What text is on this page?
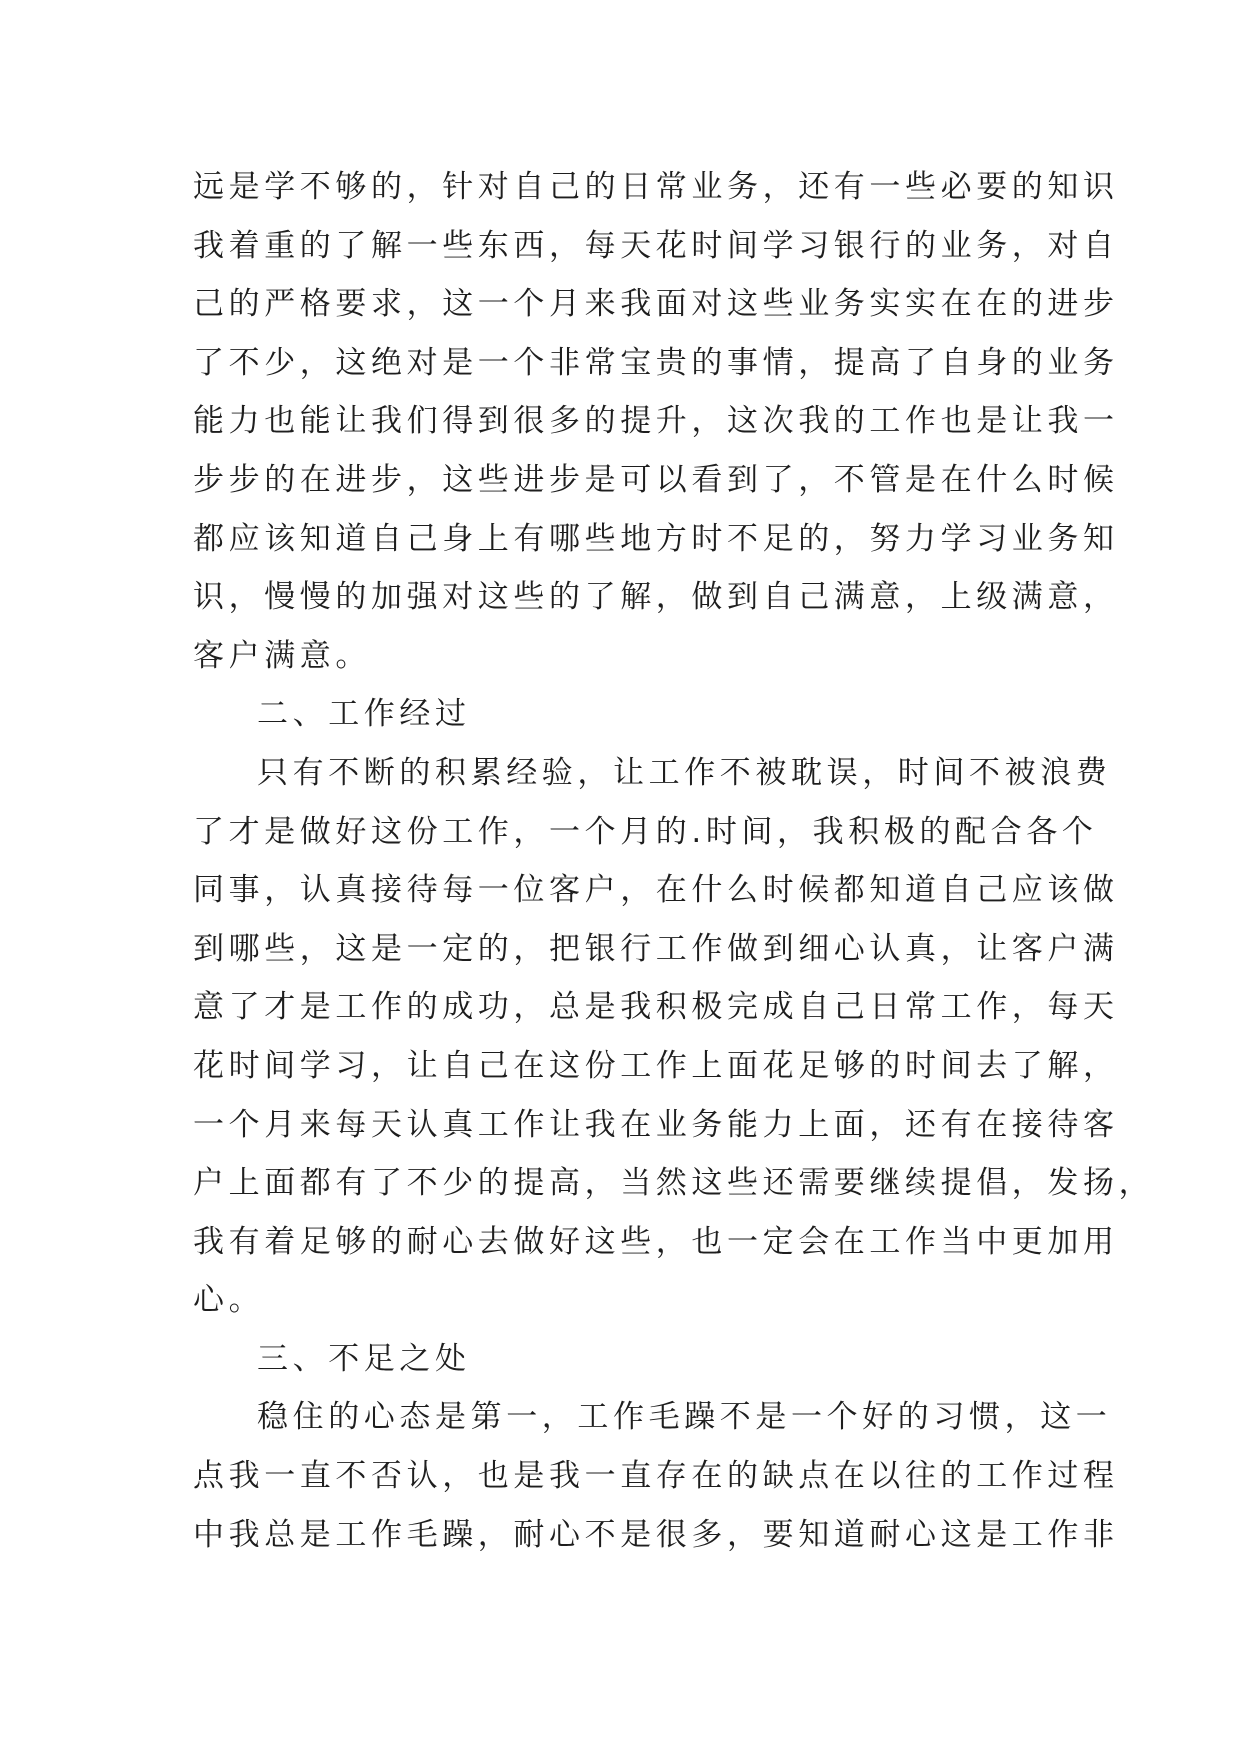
远是学不够的，针对自己的日常业务，还有一些必要的知识
我着重的了解一些东西，每天花时间学习银行的业务，对自
己的严格要求，这一个月来我面对这些业务实实在在的进步
了不少，这绝对是一个非常宝贵的事情，提高了自身的业务
能力也能让我们得到很多的提升，这次我的工作也是让我一
步步的在进步，这些进步是可以看到了，不管是在什么时候
都应该知道自己身上有哪些地方时不足的，努力学习业务知
识，慢慢的加强对这些的了解，做到自己满意，上级满意，
客户满意。
二、工作经过
只有不断的积累经验，让工作不被耽误，时间不被浪费
了才是做好这份工作，一个月的.时间，我积极的配合各个
同事，认真接待每一位客户，在什么时候都知道自己应该做
到哪些，这是一定的，把银行工作做到细心认真，让客户满
意了才是工作的成功，总是我积极完成自己日常工作，每天
花时间学习，让自己在这份工作上面花足够的时间去了解，
一个月来每天认真工作让我在业务能力上面，还有在接待客
户上面都有了不少的提高，当然这些还需要继续提倡，发扬，
我有着足够的耐心去做好这些，也一定会在工作当中更加用
心。
三、不足之处
稳住的心态是第一，工作毛躁不是一个好的习惯，这一
点我一直不否认，也是我一直存在的缺点在以往的工作过程
中我总是工作毛躁，耐心不是很多，要知道耐心这是工作非
